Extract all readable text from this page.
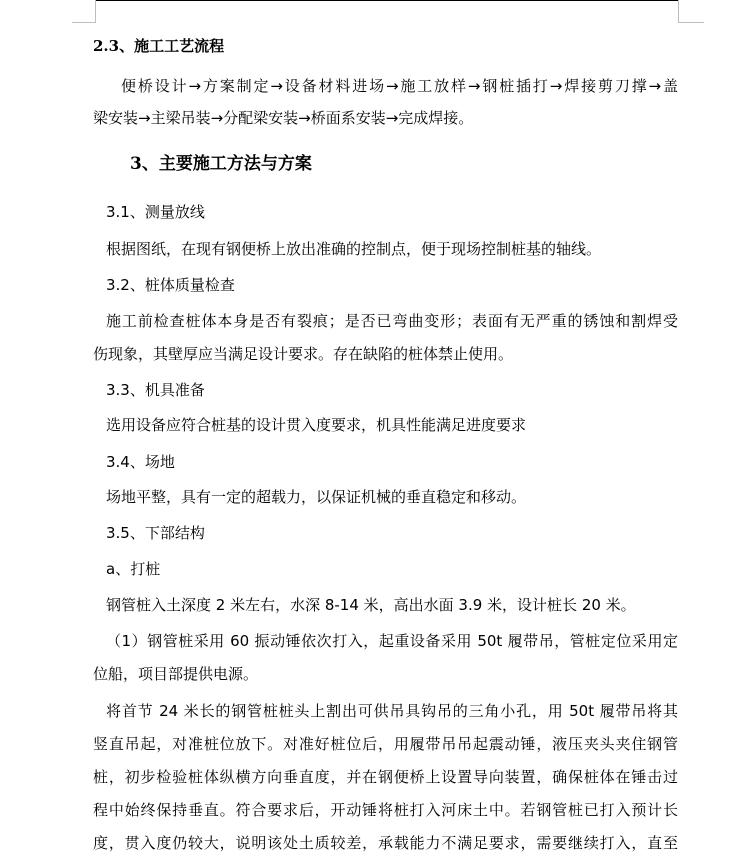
2.3、施工工艺流程
便桥设计→方案制定→设备材料进场→施工放样→钢桩插打→焊接剪刀撑→盖
梁安装→主梁吊装→分配梁安装→桥面系安装→完成焊接。
3、主要施工方法与方案
3.1、测量放线
根据图纸，在现有钢便桥上放出准确的控制点，便于现场控制桩基的轴线。
3.2、桩体质量检查
施工前检查桩体本身是否有裂痕；是否已弯曲变形；表面有无严重的锈蚀和割焊受
伤现象，其壁厚应当满足设计要求。存在缺陷的桩体禁止使用。
3.3、机具准备
选用设备应符合桩基的设计贯入度要求，机具性能满足进度要求
3.4、场地
场地平整，具有一定的超载力，以保证机械的垂直稳定和移动。
3.5、下部结构
a、打桩
钢管桩入土深度 2 米左右，水深 8-14 米，高出水面 3.9 米，设计桩长 20 米。
（1）钢管桩采用 60 振动锤依次打入，起重设备采用 50t 履带吊，管桩定位采用定
位船，项目部提供电源。
将首节 24 米长的钢管桩桩头上割出可供吊具钩吊的三角小孔，用 50t 履带吊将其
竖直吊起，对准桩位放下。对准好桩位后，用履带吊吊起震动锤，液压夹头夹住钢管
桩，初步检验桩体纵横方向垂直度，并在钢便桥上设置导向装置，确保桩体在锤击过
程中始终保持垂直。符合要求后，开动锤将桩打入河床土中。若钢管桩已打入预计长
度，贯入度仍较大，说明该处土质较差，承载能力不满足要求，需要继续打入，直至
